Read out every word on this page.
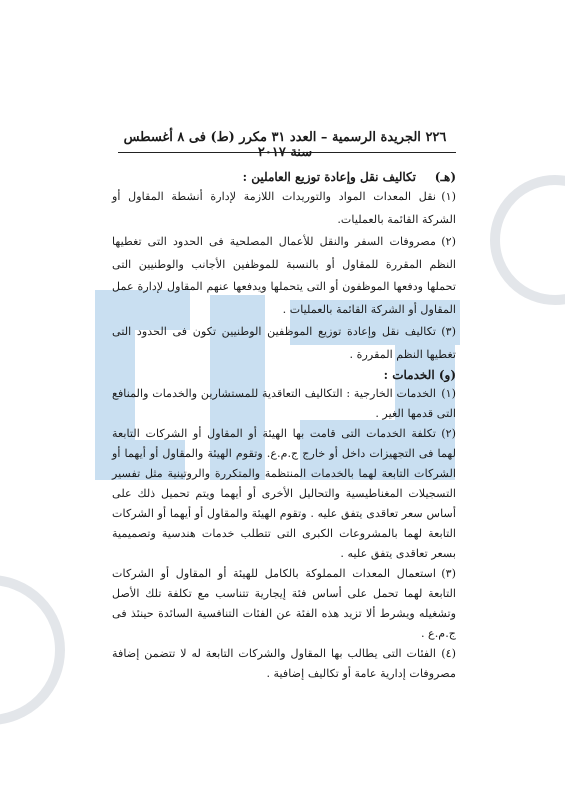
٢٢٦ الجريدة الرسمية – العدد ٣١ مكرر (ط) فى ٨ أغسطس سنة ٢٠١٧
(هـ)تكاليف نقل وإعادة توزيع العاملين :
(١)نقل المعدات المواد والتوريدات اللازمة لإدارة أنشطة المقاول أو الشركة القائمة بالعمليات.
(٢)مصروفات السفر والنقل للأعمال المصلحية فى الحدود التى تغطيها النظم المقررة للمقاول أو بالنسبة للموظفين الأجانب والوطنيين التى تحملها ودفعها الموظفون أو التى يتحملها ويدفعها عنهم المقاول لإدارة عمل المقاول أو الشركة القائمة بالعمليات .
(٣)تكاليف نقل وإعادة توزيع الموظفين الوطنيين تكون فى الحدود التى تغطيها النظم المقررة .
(و) الخدمات :
(١)الخدمات الخارجية : التكاليف التعاقدية للمستشارين والخدمات والمنافع التى قدمها الغير .
(٢)تكلفة الخدمات التى قامت بها الهيئة أو المقاول أو الشركات التابعة لهما فى التجهيزات داخل أو خارج ج.م.ع. وتقوم الهيئة والمقاول أو أيهما أو الشركات التابعة لهما بالخدمات المنتظمة والمتكررة والروتينية مثل تفسير التسجيلات المغناطيسية والتحاليل الأخرى أو أيهما ويتم تحميل ذلك على أساس سعر تعاقدى يتفق عليه . وتقوم الهيئة والمقاول أو أيهما أو الشركات التابعة لهما بالمشروعات الكبرى التى تتطلب خدمات هندسية وتصميمية بسعر تعاقدى يتفق عليه .
(٣)استعمال المعدات المملوكة بالكامل للهيئة أو المقاول أو الشركات التابعة لهما تحمل على أساس فئة إيجارية تتناسب مع تكلفة تلك الأصل وتشغيله ويشرط ألا تزيد هذه الفئة عن الفئات التنافسية السائدة حينئذ فى ج.م.ع .
(٤)الفئات التى يطالب بها المقاول والشركات التابعة له لا تتضمن إضافة مصروفات إدارية عامة أو تكاليف إضافية .
